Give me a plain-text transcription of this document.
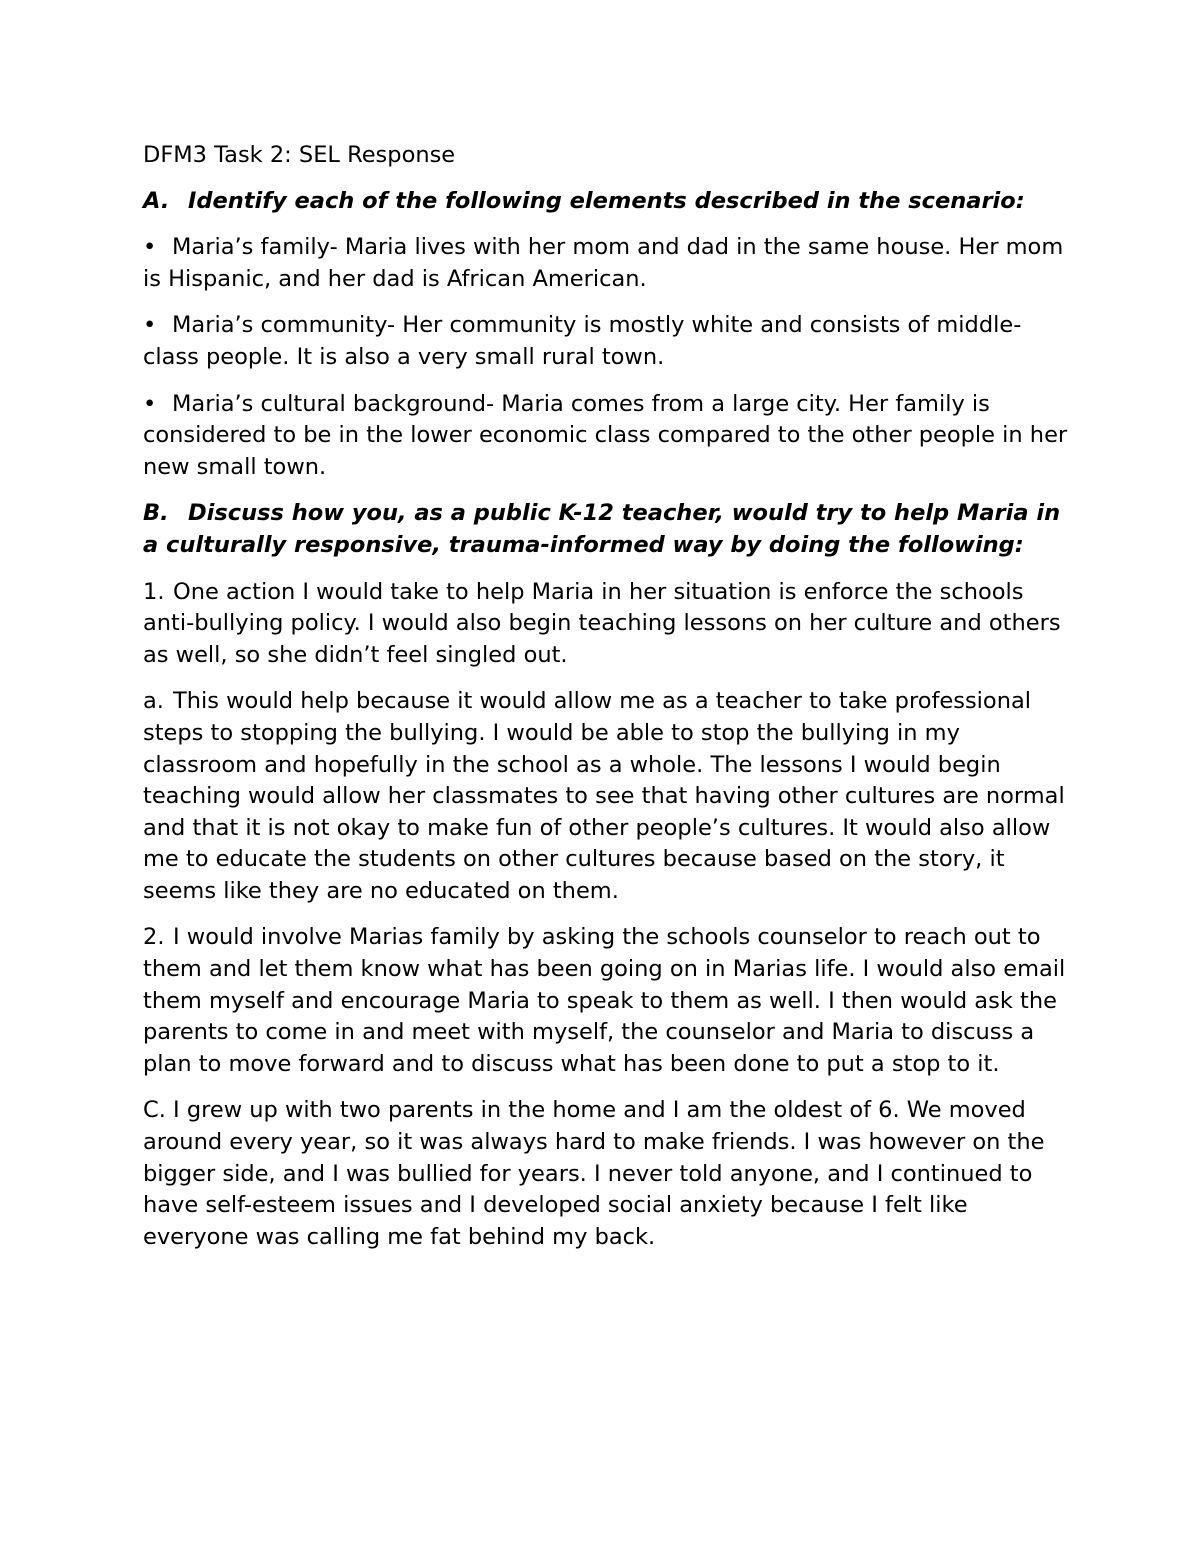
DFM3 Task 2: SEL Response

A. Identify each of the following elements described in the scenario:

• Maria’s family- Maria lives with her mom and dad in the same house. Her mom is Hispanic, and her dad is African American.

• Maria’s community- Her community is mostly white and consists of middle-class people. It is also a very small rural town.

• Maria’s cultural background- Maria comes from a large city. Her family is considered to be in the lower economic class compared to the other people in her new small town.

B. Discuss how you, as a public K-12 teacher, would try to help Maria in a culturally responsive, trauma-informed way by doing the following:

1. One action I would take to help Maria in her situation is enforce the schools anti-bullying policy. I would also begin teaching lessons on her culture and others as well, so she didn’t feel singled out.

a. This would help because it would allow me as a teacher to take professional steps to stopping the bullying. I would be able to stop the bullying in my classroom and hopefully in the school as a whole. The lessons I would begin teaching would allow her classmates to see that having other cultures are normal and that it is not okay to make fun of other people’s cultures. It would also allow me to educate the students on other cultures because based on the story, it seems like they are no educated on them.

2. I would involve Marias family by asking the schools counselor to reach out to them and let them know what has been going on in Marias life. I would also email them myself and encourage Maria to speak to them as well. I then would ask the parents to come in and meet with myself, the counselor and Maria to discuss a plan to move forward and to discuss what has been done to put a stop to it.

C. I grew up with two parents in the home and I am the oldest of 6. We moved around every year, so it was always hard to make friends. I was however on the bigger side, and I was bullied for years. I never told anyone, and I continued to have self-esteem issues and I developed social anxiety because I felt like everyone was calling me fat behind my back.
